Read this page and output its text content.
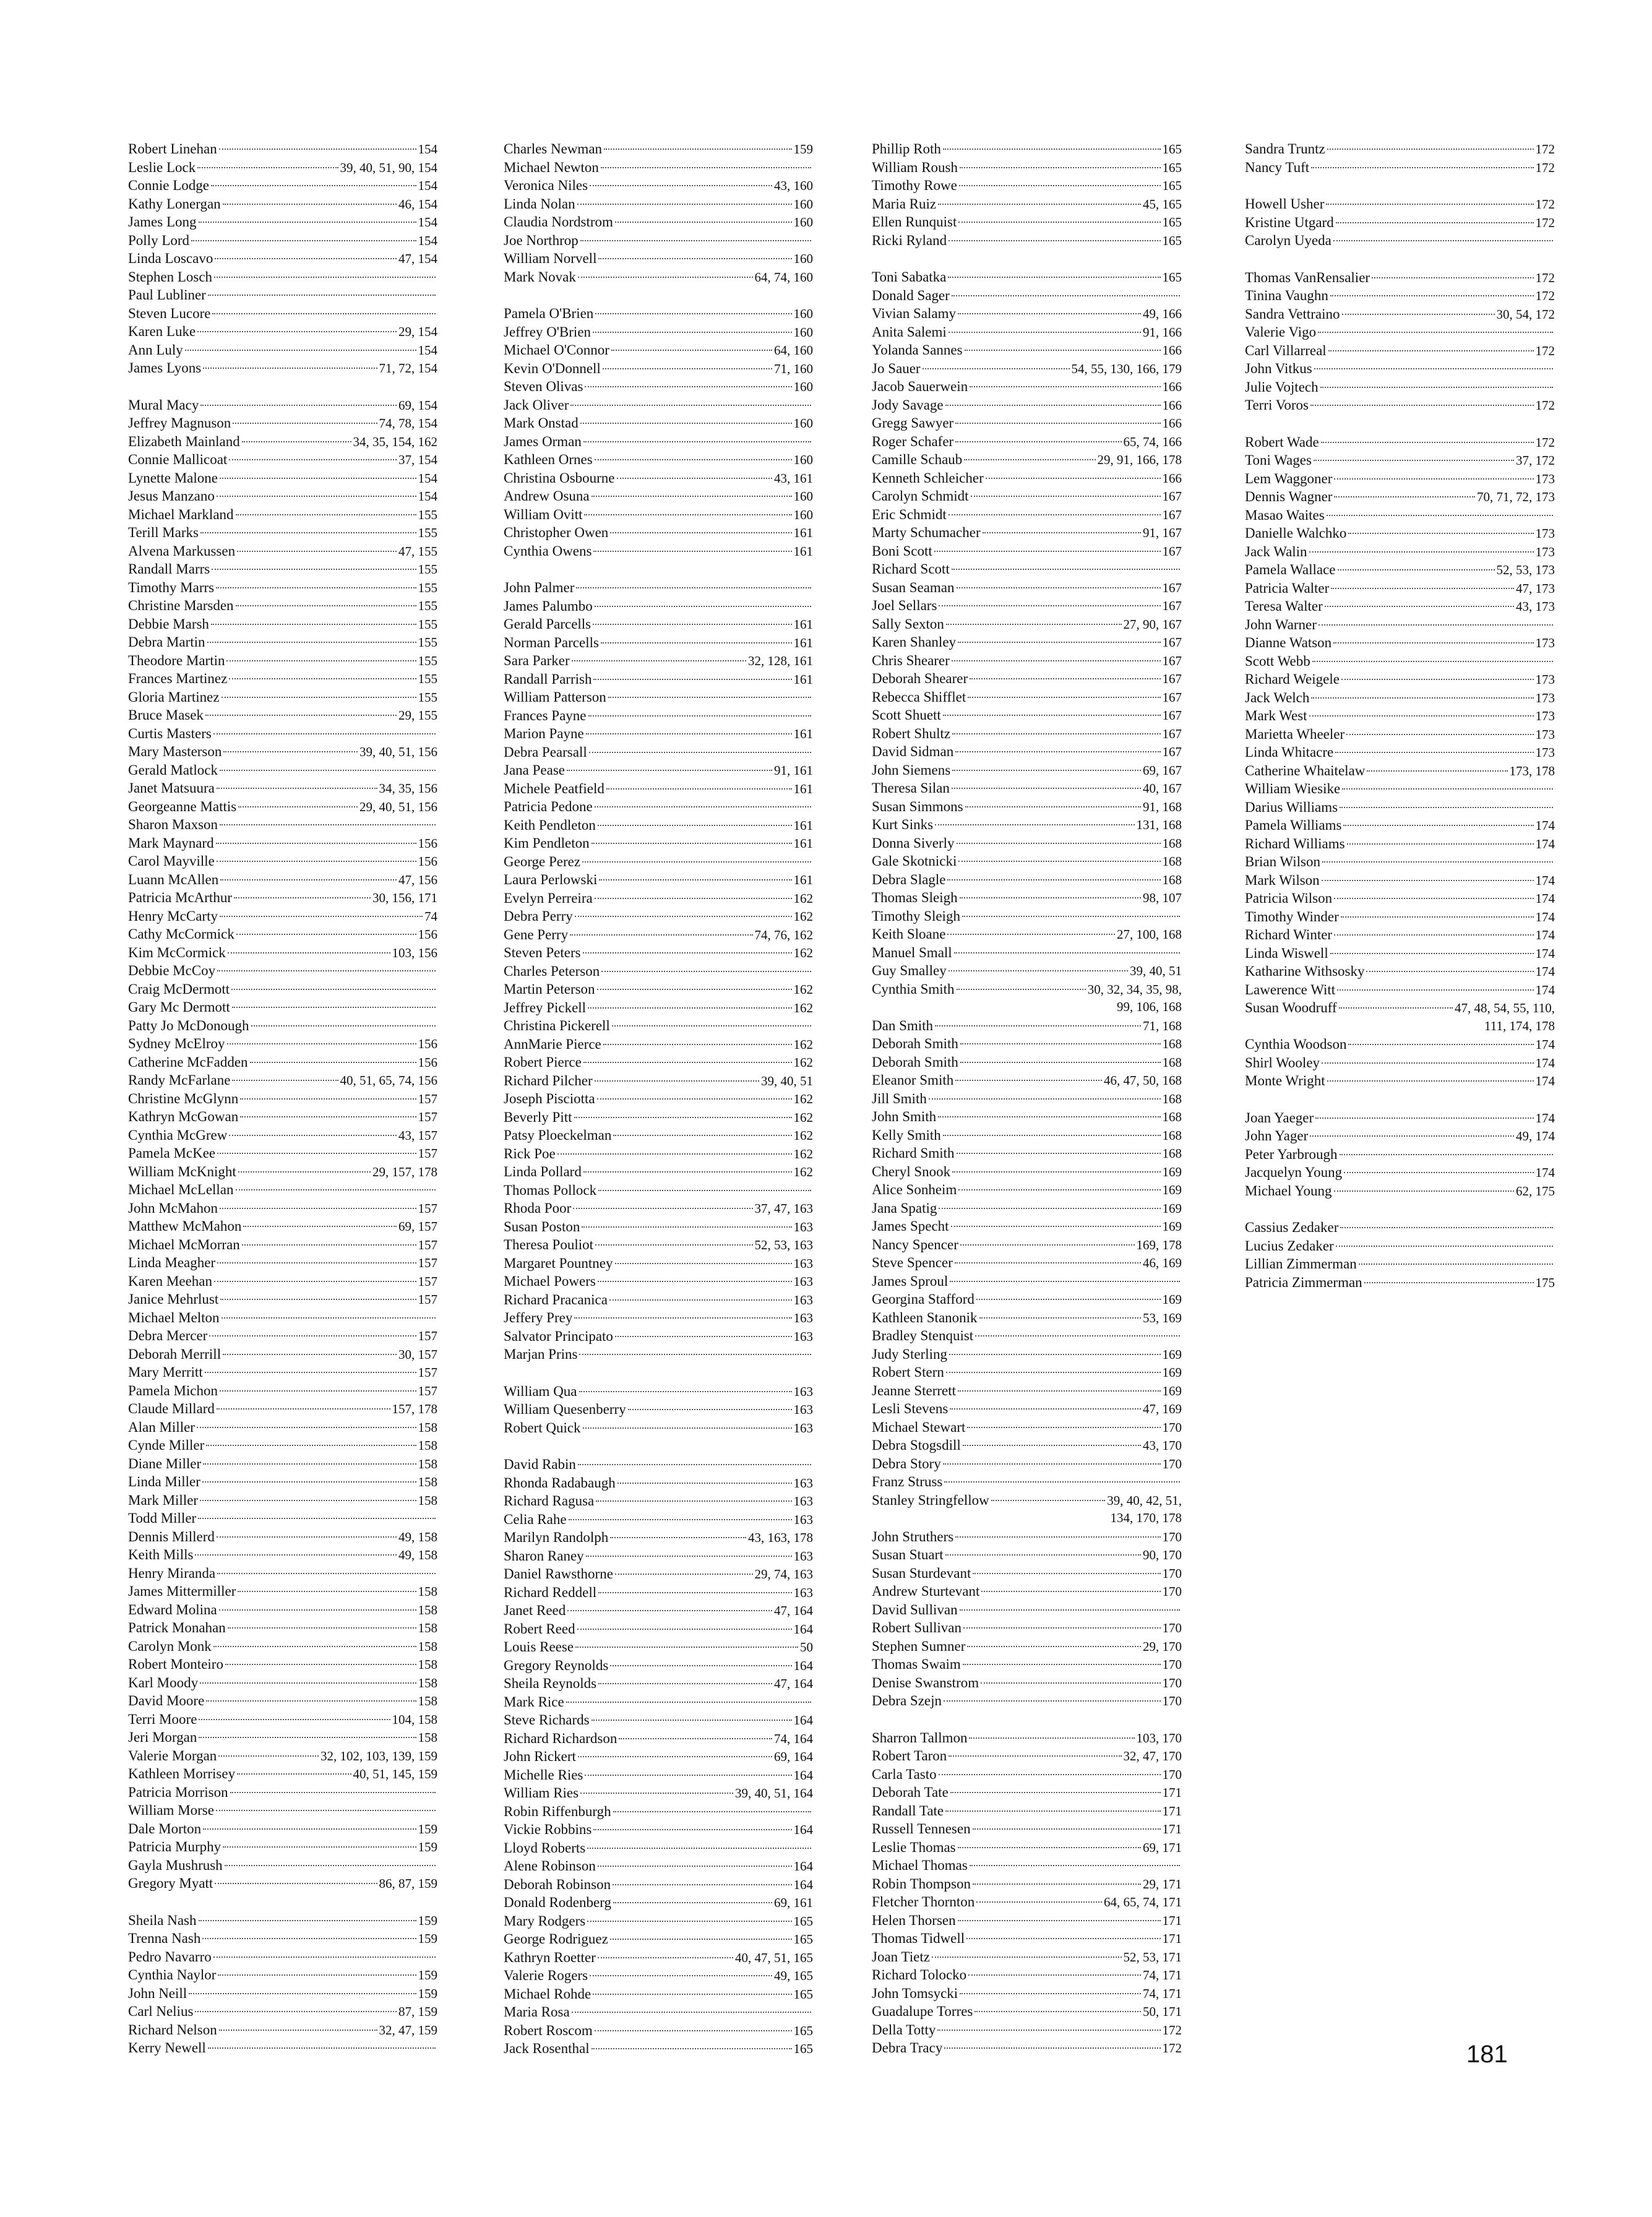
Robert Linehan	154
Leslie Lock	39, 40, 51, 90, 154
Connie Lodge	154
Kathy Lonergan	46, 154
James Long	154
Polly Lord	154
Linda Loscavo	47, 154
Stephen Losch
Paul Lubliner
Steven Lucore
Karen Luke	29, 154
Ann Luly	154
James Lyons	71, 72, 154
Mural Macy	69, 154
Jeffrey Magnuson	74, 78, 154
Elizabeth Mainland	34, 35, 154, 162
Connie Mallicoat	37, 154
Lynette Malone	154
Jesus Manzano	154
Michael Markland	155
Terill Marks	155
Alvena Markussen	47, 155
Randall Marrs	155
Timothy Marrs	155
Christine Marsden	155
Debbie Marsh	155
Debra Martin	155
Theodore Martin	155
Frances Martinez	155
Gloria Martinez	155
Bruce Masek	29, 155
Curtis Masters
Mary Masterson	39, 40, 51, 156
Gerald Matlock
Janet Matsuura	34, 35, 156
Georgeanne Mattis	29, 40, 51, 156
Sharon Maxson
Mark Maynard	156
Carol Mayville	156
Luann McAllen	47, 156
Patricia McArthur	30, 156, 171
Henry McCarty	74
Cathy McCormick	156
Kim McCormick	103, 156
Debbie McCoy
Craig McDermott
Gary Mc Dermott
Patty Jo McDonough
Sydney McElroy	156
Catherine McFadden	156
Randy McFarlane	40, 51, 65, 74, 156
Christine McGlynn	157
Kathryn McGowan	157
Cynthia McGrew	43, 157
Pamela McKee	157
William McKnight	29, 157, 178
Michael McLellan
John McMahon	157
Matthew McMahon	69, 157
Michael McMorran	157
Linda Meagher	157
Karen Meehan	157
Janice Mehrlust	157
Michael Melton
Debra Mercer	157
Deborah Merrill	30, 157
Mary Merritt	157
Pamela Michon	157
Claude Millard	157, 178
Alan Miller	158
Cynde Miller	158
Diane Miller	158
Linda Miller	158
Mark Miller	158
Todd Miller
Dennis Millerd	49, 158
Keith Mills	49, 158
Henry Miranda
James Mittermiller	158
Edward Molina	158
Patrick Monahan	158
Carolyn Monk	158
Robert Monteiro	158
Karl Moody	158
David Moore	158
Terri Moore	104, 158
Jeri Morgan	158
Valerie Morgan	32, 102, 103, 139, 159
Kathleen Morrisey	40, 51, 145, 159
Patricia Morrison
William Morse
Dale Morton	159
Patricia Murphy	159
Gayla Mushrush
Gregory Myatt	86, 87, 159
Sheila Nash	159
Trenna Nash	159
Pedro Navarro
Cynthia Naylor	159
John Neill	159
Carl Nelius	87, 159
Richard Nelson	32, 47, 159
Kerry Newell
Charles Newman	159
Michael Newton
Veronica Niles	43, 160
Linda Nolan	160
Claudia Nordstrom	160
Joe Northrop
William Norvell	160
Mark Novak	64, 74, 160
Pamela O'Brien	160
Jeffrey O'Brien	160
Michael O'Connor	64, 160
Kevin O'Donnell	71, 160
Steven Olivas	160
Jack Oliver
Mark Onstad	160
James Orman
Kathleen Ornes	160
Christina Osbourne	43, 161
Andrew Osuna	160
William Ovitt	160
Christopher Owen	161
Cynthia Owens	161
John Palmer
James Palumbo
Gerald Parcells	161
Norman Parcells	161
Sara Parker	32, 128, 161
Randall Parrish	161
William Patterson
Frances Payne
Marion Payne	161
Debra Pearsall
Jana Pease	91, 161
Michele Peatfield	161
Patricia Pedone
Keith Pendleton	161
Kim Pendleton	161
George Perez
Laura Perlowski	161
Evelyn Perreira	162
Debra Perry	162
Gene Perry	74, 76, 162
Steven Peters	162
Charles Peterson
Martin Peterson	162
Jeffrey Pickell	162
Christina Pickerell
AnnMarie Pierce	162
Robert Pierce	162
Richard Pilcher	39, 40, 51
Joseph Pisciotta	162
Beverly Pitt	162
Patsy Ploeckelman	162
Rick Poe	162
Linda Pollard	162
Thomas Pollock
Rhoda Poor	37, 47, 163
Susan Poston	163
Theresa Pouliot	52, 53, 163
Margaret Pountney	163
Michael Powers	163
Richard Pracanica	163
Jeffery Prey	163
Salvator Principato	163
Marjan Prins
William Qua	163
William Quesenberry	163
Robert Quick	163
David Rabin
Rhonda Radabaugh	163
Richard Ragusa	163
Celia Rahe	163
Marilyn Randolph	43, 163, 178
Sharon Raney	163
Daniel Rawsthorne	29, 74, 163
Richard Reddell	163
Janet Reed	47, 164
Robert Reed	164
Louis Reese	50
Gregory Reynolds	164
Sheila Reynolds	47, 164
Mark Rice
Steve Richards	164
Richard Richardson	74, 164
John Rickert	69, 164
Michelle Ries	164
William Ries	39, 40, 51, 164
Robin Riffenburgh
Vickie Robbins	164
Lloyd Roberts
Alene Robinson	164
Deborah Robinson	164
Donald Rodenberg	69, 161
Mary Rodgers	165
George Rodriguez	165
Kathryn Roetter	40, 47, 51, 165
Valerie Rogers	49, 165
Michael Rohde	165
Maria Rosa
Robert Roscom	165
Jack Rosenthal	165
Phillip Roth	165
William Roush	165
Timothy Rowe	165
Maria Ruiz	45, 165
Ellen Runquist	165
Ricki Ryland	165
Toni Sabatka	165
Donald Sager
Vivian Salamy	49, 166
Anita Salemi	91, 166
Yolanda Sannes	166
Jo Sauer	54, 55, 130, 166, 179
Jacob Sauerwein	166
Jody Savage	166
Gregg Sawyer	166
Roger Schafer	65, 74, 166
Camille Schaub	29, 91, 166, 178
Kenneth Schleicher	166
Carolyn Schmidt	167
Eric Schmidt	167
Marty Schumacher	91, 167
Boni Scott	167
Richard Scott
Susan Seaman	167
Joel Sellars	167
Sally Sexton	27, 90, 167
Karen Shanley	167
Chris Shearer	167
Deborah Shearer	167
Rebecca Shifflet	167
Scott Shuett	167
Robert Shultz	167
David Sidman	167
John Siemens	69, 167
Theresa Silan	40, 167
Susan Simmons	91, 168
Kurt Sinks	131, 168
Donna Siverly	168
Gale Skotnicki	168
Debra Slagle	168
Thomas Sleigh	98, 107
Timothy Sleigh
Keith Sloane	27, 100, 168
Manuel Small
Guy Smalley	39, 40, 51
Cynthia Smith	30, 32, 34, 35, 98,
99, 106, 168
Dan Smith	71, 168
Deborah Smith	168
Deborah Smith	168
Eleanor Smith	46, 47, 50, 168
Jill Smith	168
John Smith	168
Kelly Smith	168
Richard Smith	168
Cheryl Snook	169
Alice Sonheim	169
Jana Spatig	169
James Specht	169
Nancy Spencer	169, 178
Steve Spencer	46, 169
James Sproul
Georgina Stafford	169
Kathleen Stanonik	53, 169
Bradley Stenquist
Judy Sterling	169
Robert Stern	169
Jeanne Sterrett	169
Lesli Stevens	47, 169
Michael Stewart	170
Debra Stogsdill	43, 170
Debra Story	170
Franz Struss
Stanley Stringfellow	39, 40, 42, 51,
134, 170, 178
John Struthers	170
Susan Stuart	90, 170
Susan Sturdevant	170
Andrew Sturtevant	170
David Sullivan
Robert Sullivan	170
Stephen Sumner	29, 170
Thomas Swaim	170
Denise Swanstrom	170
Debra Szejn	170
Sharron Tallmon	103, 170
Robert Taron	32, 47, 170
Carla Tasto	170
Deborah Tate	171
Randall Tate	171
Russell Tennesen	171
Leslie Thomas	69, 171
Michael Thomas
Robin Thompson	29, 171
Fletcher Thornton	64, 65, 74, 171
Helen Thorsen	171
Thomas Tidwell	171
Joan Tietz	52, 53, 171
Richard Tolocko	74, 171
John Tomsycki	74, 171
Guadalupe Torres	50, 171
Della Totty	172
Debra Tracy	172
Sandra Truntz	172
Nancy Tuft	172
Howell Usher	172
Kristine Utgard	172
Carolyn Uyeda
Thomas VanRensalier	172
Tinina Vaughn	172
Sandra Vettraino	30, 54, 172
Valerie Vigo
Carl Villarreal	172
John Vitkus
Julie Vojtech
Terri Voros	172
Robert Wade	172
Toni Wages	37, 172
Lem Waggoner	173
Dennis Wagner	70, 71, 72, 173
Masao Waites
Danielle Walchko	173
Jack Walin	173
Pamela Wallace	52, 53, 173
Patricia Walter	47, 173
Teresa Walter	43, 173
John Warner
Dianne Watson	173
Scott Webb
Richard Weigele	173
Jack Welch	173
Mark West	173
Marietta Wheeler	173
Linda Whitacre	173
Catherine Whaitelaw	173, 178
William Wiesike
Darius Williams
Pamela Williams	174
Richard Williams	174
Brian Wilson
Mark Wilson	174
Patricia Wilson	174
Timothy Winder	174
Richard Winter	174
Linda Wiswell	174
Katharine Withsosky	174
Lawerence Witt	174
Susan Woodruff	47, 48, 54, 55, 110,
111, 174, 178
Cynthia Woodson	174
Shirl Wooley	174
Monte Wright	174
Joan Yaeger	174
John Yager	49, 174
Peter Yarbrough
Jacquelyn Young	174
Michael Young	62, 175
Cassius Zedaker
Lucius Zedaker
Lillian Zimmerman
Patricia Zimmerman	175
181
